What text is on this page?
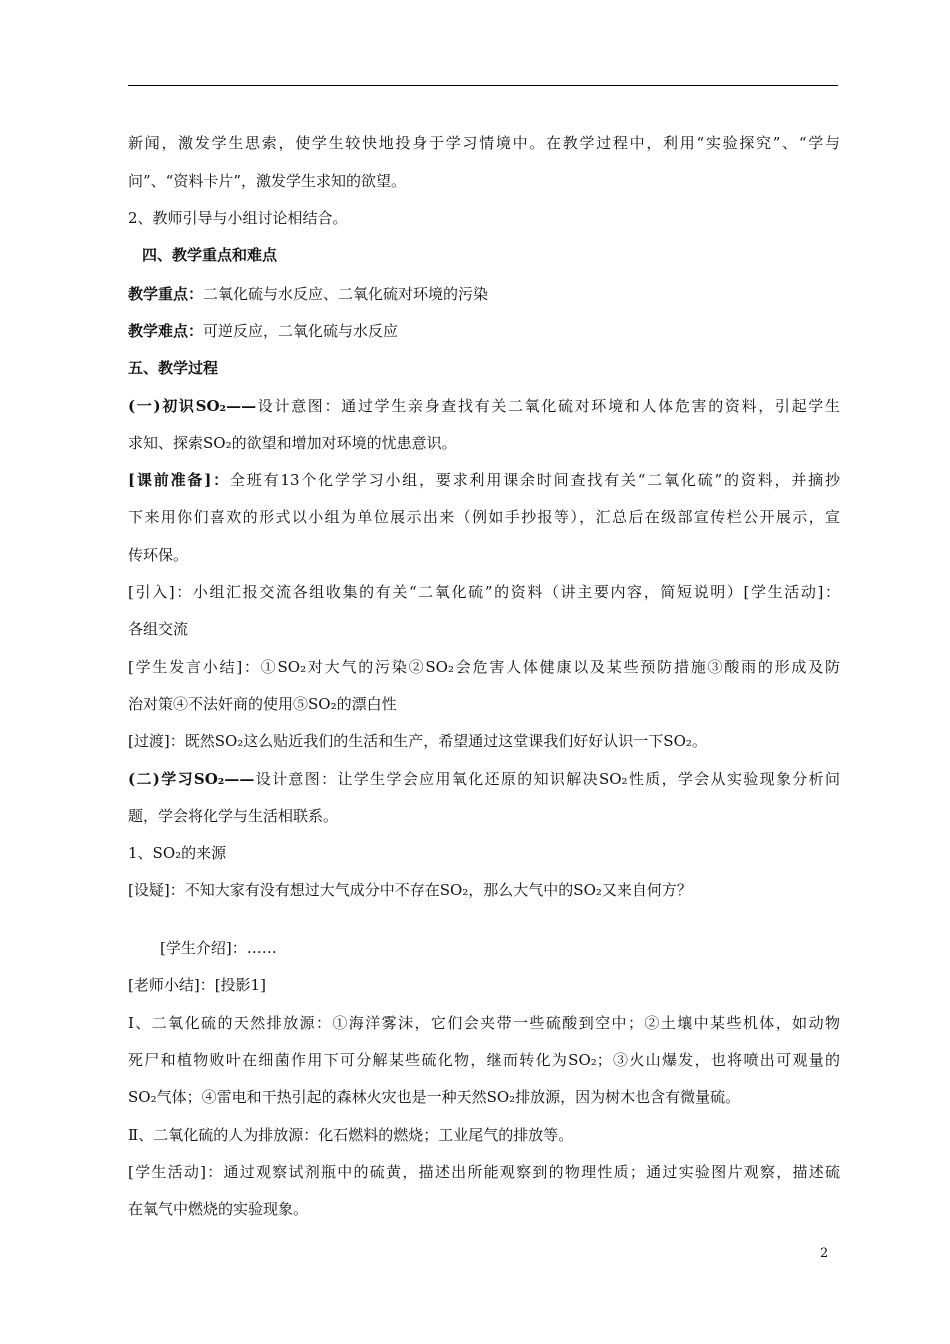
新闻，激发学生思索，使学生较快地投身于学习情境中。在教学过程中，利用“实验探究”、“学与
问”、“资料卡片”，激发学生求知的欲望。
2、教师引导与小组讨论相结合。
四、教学重点和难点
教学重点：二氧化硫与水反应、二氧化硫对环境的污染
教学难点：可逆反应，二氧化硫与水反应
五、教学过程
(一)初识SO₂——设计意图：通过学生亲身查找有关二氧化硫对环境和人体危害的资料，引起学生
求知、探索SO₂的欲望和增加对环境的忧患意识。
[课前准备]：全班有13个化学学习小组，要求利用课余时间查找有关“二氧化硫”的资料，并摘抄
下来用你们喜欢的形式以小组为单位展示出来（例如手抄报等），汇总后在级部宣传栏公开展示，宣
传环保。
[引入]：小组汇报交流各组收集的有关“二氧化硫”的资料（讲主要内容，简短说明）[学生活动]：
各组交流
[学生发言小结]：①SO₂对大气的污染②SO₂会危害人体健康以及某些预防措施③酸雨的形成及防
治对策④不法奸商的使用⑤SO₂的漂白性
[过渡]：既然SO₂这么贴近我们的生活和生产，希望通过这堂课我们好好认识一下SO₂。
(二)学习SO₂——设计意图：让学生学会应用氧化还原的知识解决SO₂性质，学会从实验现象分析问
题，学会将化学与生活相联系。
1、SO₂的来源
[设疑]：不知大家有没有想过大气成分中不存在SO₂，那么大气中的SO₂又来自何方？
[学生介绍]：……
[老师小结]：[投影1]
I、二氧化硫的天然排放源：①海洋雾沫，它们会夹带一些硫酸到空中；②土壤中某些机体，如动物
死尸和植物败叶在细菌作用下可分解某些硫化物，继而转化为SO₂；③火山爆发，也将喷出可观量的
SO₂气体；④雷电和干热引起的森林火灾也是一种天然SO₂排放源，因为树木也含有微量硫。
Ⅱ、二氧化硫的人为排放源：化石燃料的燃烧；工业尾气的排放等。
[学生活动]：通过观察试剂瓶中的硫黄，描述出所能观察到的物理性质；通过实验图片观察，描述硫
在氧气中燃烧的实验现象。
2
